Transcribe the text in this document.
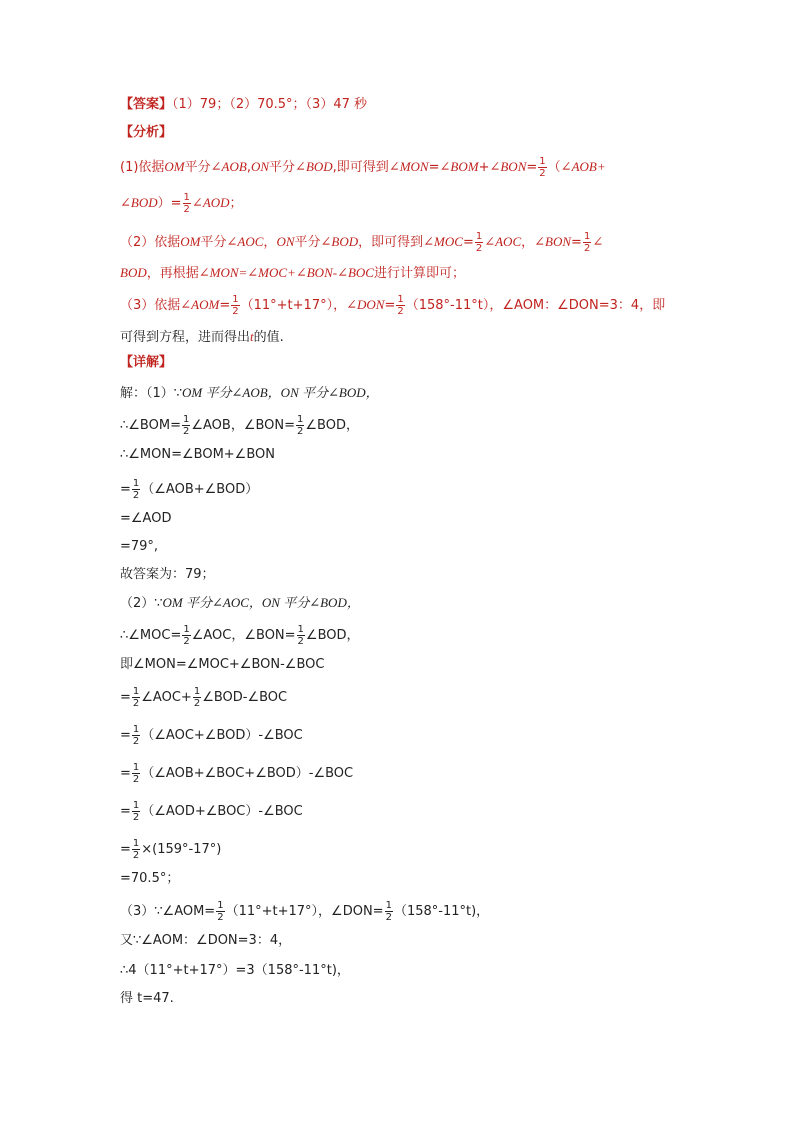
【答案】（1）79；（2）70.5°；（3）47 秒
【分析】
(1)依据OM平分∠AOB,ON平分∠BOD,即可得到∠MON=∠BOM+∠BON= $\frac{1}{2}$ （∠AOB+
∠BOD）= $\frac{1}{2}$ ∠AOD；
（2）依据OM平分∠AOC，ON平分∠BOD，即可得到∠MOC= $\frac{1}{2}$ ∠AOC，∠BON= $\frac{1}{2}$ ∠
BOD，再根据∠MON=∠MOC+∠BON-∠BOC进行计算即可；
（3）依据∠AOM= $\frac{1}{2} (11^\circ+t+17^\circ)$，∠DON= $\frac{1}{2} (158^\circ-11^\circ t)$，∠AOM：∠DON=3：4，即
可得到方程，进而得出t的值.
【详解】
解：（1）∵OM 平分∠AOB，ON 平分∠BOD，
∴∠BOM= $\frac{1}{2}$ ∠AOB，∠BON= $\frac{1}{2}$ ∠BOD，
∴∠MON=∠BOM+∠BON
= $\frac{1}{2}$ （∠AOB+∠BOD）
=∠AOD
=79°,
故答案为：79；
（2）∵OM 平分∠AOC，ON 平分∠BOD，
∴∠MOC= $\frac{1}{2}$ ∠AOC，∠BON= $\frac{1}{2}$ ∠BOD，
即∠MON=∠MOC+∠BON-∠BOC
= $\frac{1}{2}$ ∠AOC+ $\frac{1}{2}$ ∠BOD-∠BOC
= $\frac{1}{2}$ （∠AOC+∠BOD）-∠BOC
= $\frac{1}{2}$ （∠AOB+∠BOC+∠BOD）-∠BOC
= $\frac{1}{2}$ （∠AOD+∠BOC）-∠BOC
= $\frac{1}{2} \times(159^\circ-17^\circ)$
=70.5°；
（3）∵∠AOM= $\frac{1}{2} (11^\circ+t+17^\circ)$，∠DON= $\frac{1}{2} (158^\circ-11^\circ t)$，
又∵∠AOM：∠DON=3：4，
∴4（11°+t+17°）=3（158°-11°t)，
得 t=47.
